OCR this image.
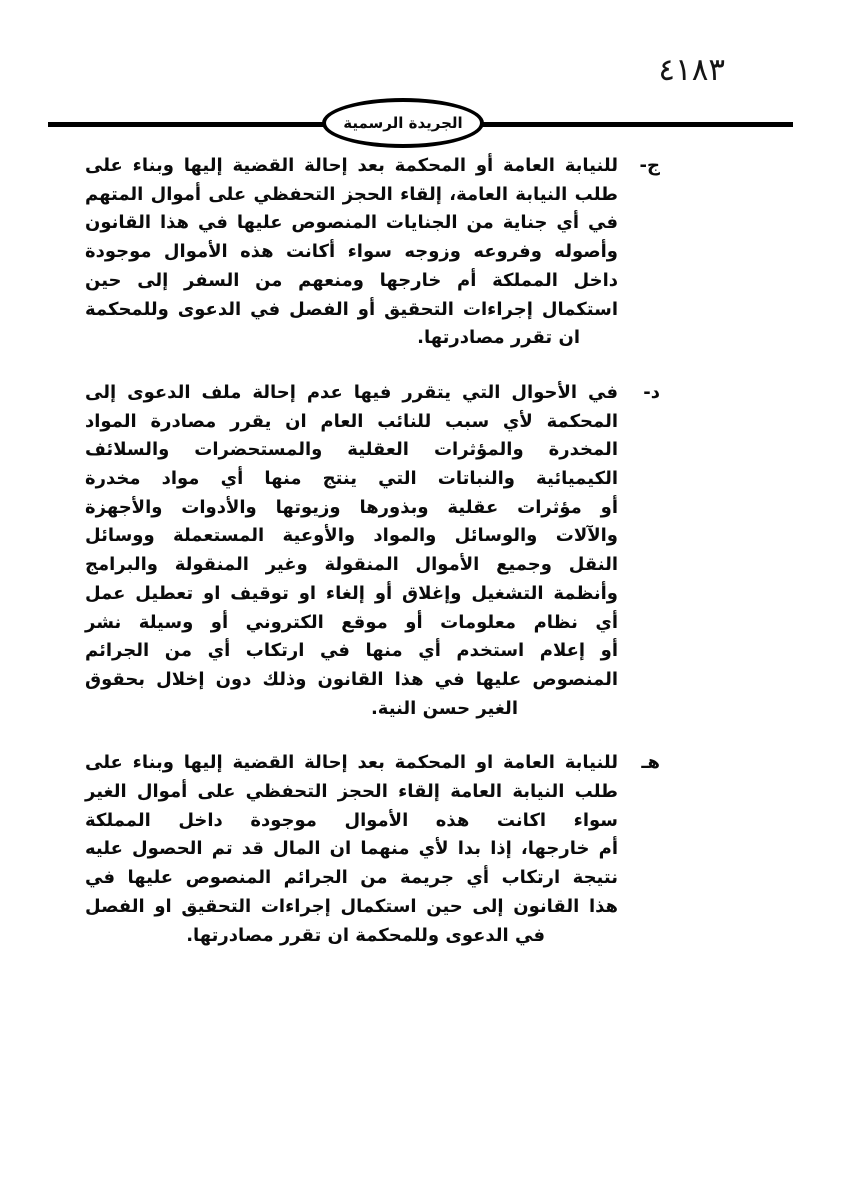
٤١٨٣
الجريدة الرسمية
ج-
للنيابة العامة أو المحكمة بعد إحالة القضية إليها وبناء على
طلب النيابة العامة، إلقاء الحجز التحفظي على أموال المتهم
في أي جناية من الجنايات المنصوص عليها في هذا القانون
وأصوله وفروعه وزوجه سواء أكانت هذه الأموال موجودة
داخل المملكة أم خارجها ومنعهم من السفر إلى حين
استكمال إجراءات التحقيق أو الفصل في الدعوى وللمحكمة
ان تقرر مصادرتها.
د-
في الأحوال التي يتقرر فيها عدم إحالة ملف الدعوى إلى
المحكمة لأي سبب للنائب العام ان يقرر مصادرة المواد
المخدرة والمؤثرات العقلية والمستحضرات والسلائف
الكيميائية والنباتات التي ينتج منها أي مواد مخدرة
أو مؤثرات عقلية وبذورها وزيوتها والأدوات والأجهزة
والآلات والوسائل والمواد والأوعية المستعملة ووسائل
النقل وجميع الأموال المنقولة وغير المنقولة والبرامج
وأنظمة التشغيل وإغلاق أو إلغاء او توقيف او تعطيل عمل
أي نظام معلومات أو موقع الكتروني أو وسيلة نشر
أو إعلام استخدم أي منها في ارتكاب أي من الجرائم
المنصوص عليها في هذا القانون وذلك دون إخلال بحقوق
الغير حسن النية.
هـ
للنيابة العامة او المحكمة بعد إحالة القضية إليها وبناء على
طلب النيابة العامة إلقاء الحجز التحفظي على أموال الغير
سواء اكانت هذه الأموال موجودة داخل المملكة
أم خارجها، إذا بدا لأي منهما ان المال قد تم الحصول عليه
نتيجة ارتكاب أي جريمة من الجرائم المنصوص عليها في
هذا القانون إلى حين استكمال إجراءات التحقيق او الفصل
في الدعوى وللمحكمة ان تقرر مصادرتها.
